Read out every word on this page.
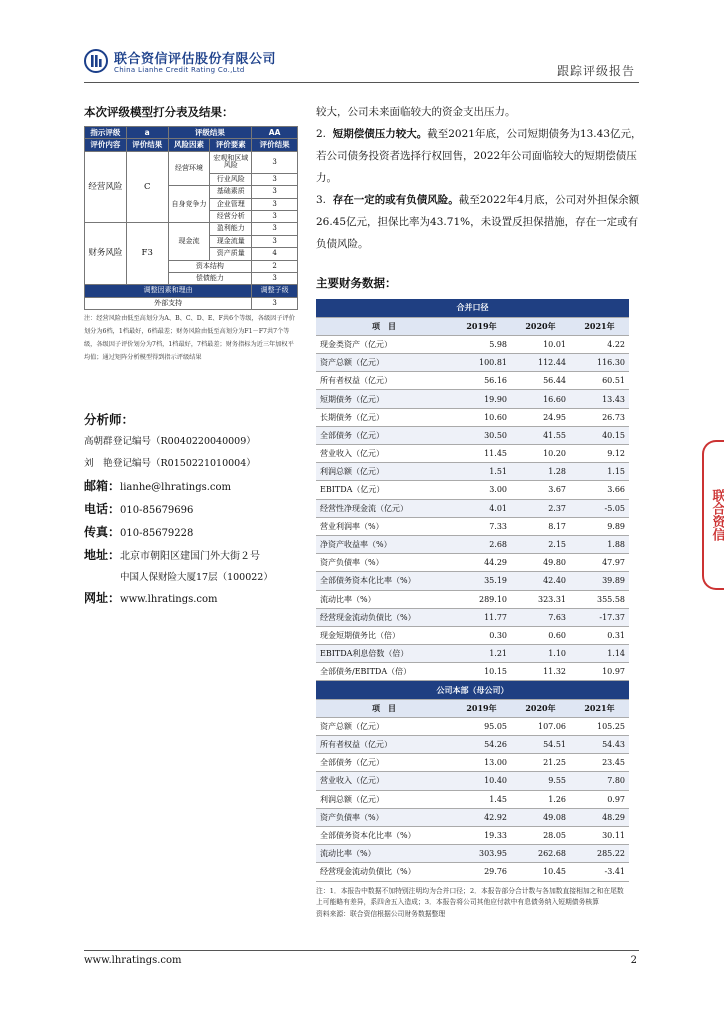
联合资信评估股份有限公司
China Lianhe Credit Rating Co.,Ltd	跟踪评级报告
联合资信
本次评级模型打分表及结果：
指示评级	a	评级结果		AA
评价内容	评价结果	风险因素	评价要素	评价结果
经营风险	C	经营环境	宏观和区域风险	3
			行业风险	3
		自身竞争力	基础素质	3
			企业管理	3
			经营分析	3
财务风险	F3	现金流	盈利能力	3
			现金流量	3
			资产质量	4
		资本结构		2
		偿债能力		3
调整因素和理由				调整子级
外部支持				3
注：经营风险由低至高划分为A、B、C、D、E、F共6个等级，各级因子评价划分为6档，1档最好，6档最差；财务风险由低至高划分为F1－F7共7个等级，各级因子评价划分为7档，1档最好，7档最差；财务指标为近三年加权平均值；通过矩阵分析模型得到指示评级结果
分析师：
高朝群 登记编号（R0040220040009）
刘　艳 登记编号（R0150221010004）
邮箱：lianhe@lhratings.com
电话：010-85679696
传真：010-85679228
地址：北京市朝阳区建国门外大街２号
中国人保财险大厦17层（100022）
网址：www.lhratings.com
较大，公司未来面临较大的资金支出压力。
2. 短期偿债压力较大。截至2021年底，公司短期债务为13.43亿元，若公司债务投资者选择行权回售，2022年公司面临较大的短期偿债压力。
3. 存在一定的或有负债风险。截至2022年4月底，公司对外担保余额26.45亿元，担保比率为43.71%，未设置反担保措施，存在一定或有负债风险。
主要财务数据：
合并口径			
项　目	2019年	2020年	2021年
现金类资产（亿元）	5.98	10.01	4.22
资产总额（亿元）	100.81	112.44	116.30
所有者权益（亿元）	56.16	56.44	60.51
短期债务（亿元）	19.90	16.60	13.43
长期债务（亿元）	10.60	24.95	26.73
全部债务（亿元）	30.50	41.55	40.15
营业收入（亿元）	11.45	10.20	9.12
利润总额（亿元）	1.51	1.28	1.15
EBITDA（亿元）	3.00	3.67	3.66
经营性净现金流（亿元）	4.01	2.37	-5.05
营业利润率（%）	7.33	8.17	9.89
净资产收益率（%）	2.68	2.15	1.88
资产负债率（%）	44.29	49.80	47.97
全部债务资本化比率（%）	35.19	42.40	39.89
流动比率（%）	289.10	323.31	355.58
经营现金流动负债比（%）	11.77	7.63	-17.37
现金短期债务比（倍）	0.30	0.60	0.31
EBITDA利息倍数（倍）	1.21	1.10	1.14
全部债务/EBITDA（倍）	10.15	11.32	10.97
公司本部（母公司）			
项　目	2019年	2020年	2021年
资产总额（亿元）	95.05	107.06	105.25
所有者权益（亿元）	54.26	54.51	54.43
全部债务（亿元）	13.00	21.25	23.45
营业收入（亿元）	10.40	9.55	7.80
利润总额（亿元）	1.45	1.26	0.97
资产负债率（%）	42.92	49.08	48.29
全部债务资本化比率（%）	19.33	28.05	30.11
流动比率（%）	303.95	262.68	285.22
经营现金流动负债比（%）	29.76	10.45	-3.41
注：1．本报告中数据不加特别注明均为合并口径；2．本报告部分合计数与各加数直接相加之和在尾数上可能略有差异，系四舍五入造成；3．本报告将公司其他应付款中有息债务纳入短期债务核算
资料来源：联合资信根据公司财务数据整理
www.lhratings.com	2
